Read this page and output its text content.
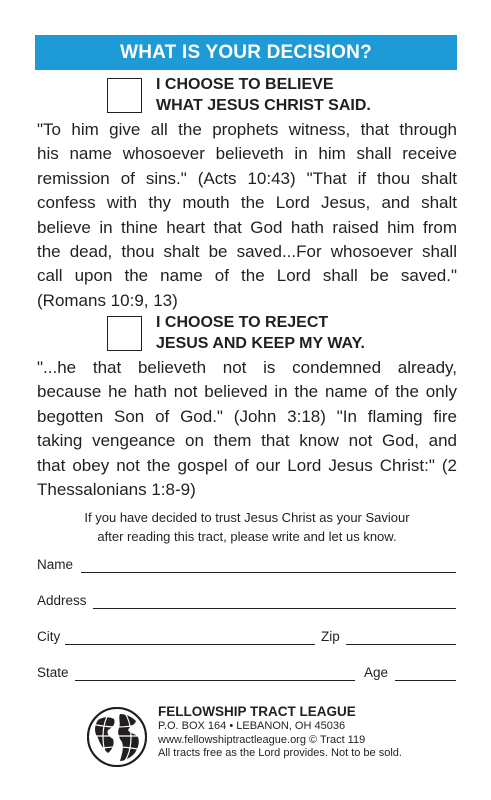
WHAT IS YOUR DECISION?
I CHOOSE TO BELIEVE
WHAT JESUS CHRIST SAID.
"To him give all the prophets witness, that through
his name whosoever believeth in him shall receive
remission of sins." (Acts 10:43) "That if thou shalt
confess with thy mouth the Lord Jesus, and shalt
believe in thine heart that God hath raised him from
the dead, thou shalt be saved...For whosoever shall
call upon the name of the Lord shall be saved."
(Romans 10:9, 13)
I CHOOSE TO REJECT
JESUS AND KEEP MY WAY.
"...he that believeth not is condemned already,
because he hath not believed in the name of the only
begotten Son of God." (John 3:18) "In flaming fire
taking vengeance on them that know not God, and
that obey not the gospel of our Lord Jesus Christ:" (2
Thessalonians 1:8-9)
If you have decided to trust Jesus Christ as your Saviour
after reading this tract, please write and let us know.
Name
Address
City	Zip
State	Age
FELLOWSHIP TRACT LEAGUE
P.O. BOX 164 • LEBANON, OH 45036
www.fellowshiptractleague.org © Tract 119
All tracts free as the Lord provides. Not to be sold.
